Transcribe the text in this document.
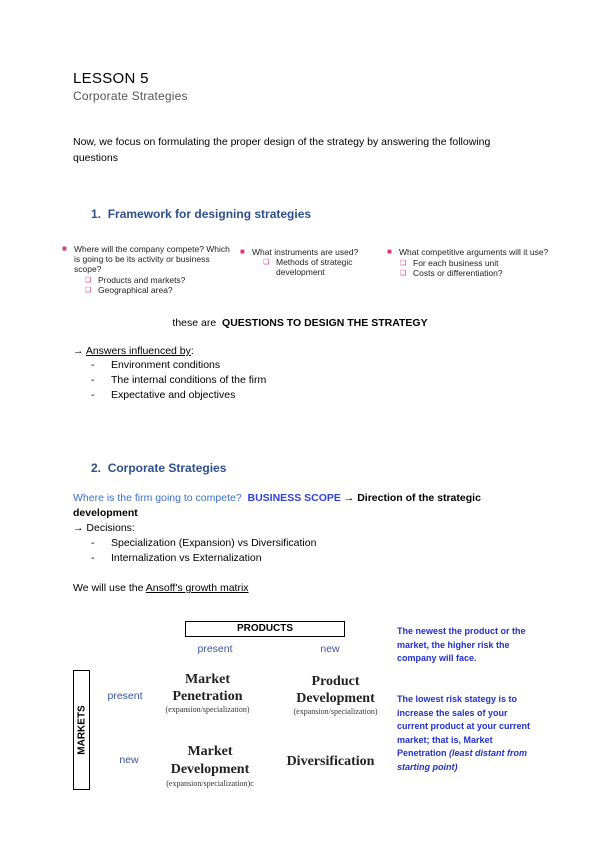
LESSON 5
Corporate Strategies
Now, we focus on formulating the proper design of the strategy by answering the following questions
1. Framework for designing strategies
■ Where will the company compete? Which is going to be its activity or business scope?
❑ Products and markets?
❑ Geographical area?
■ What instruments are used?
❑ Methods of strategic development
■ What competitive arguments will it use?
❑ For each business unit
❑ Costs or differentiation?
these are QUESTIONS TO DESIGN THE STRATEGY
→ Answers influenced by:
- Environment conditions
- The internal conditions of the firm
- Expectative and objectives
2. Corporate Strategies
Where is the firm going to compete? BUSINESS SCOPE → Direction of the strategic
development
→ Decisions:
- Specialization (Expansion) vs Diversification
- Internalization vs Externalization
We will use the Ansoff's growth matrix
PRODUCTS
present	new
MARKETS
present
new
Market
Penetration
(expansion/specialization)
Product
Development
(expansion/specialization)
Market
Development
(expansion/specialization)c
Diversification
The newest the product or the market, the higher risk the company will face.
The lowest risk stategy is to increase the sales of your current product at your current market; that is, Market Penetration (least distant from starting point)
